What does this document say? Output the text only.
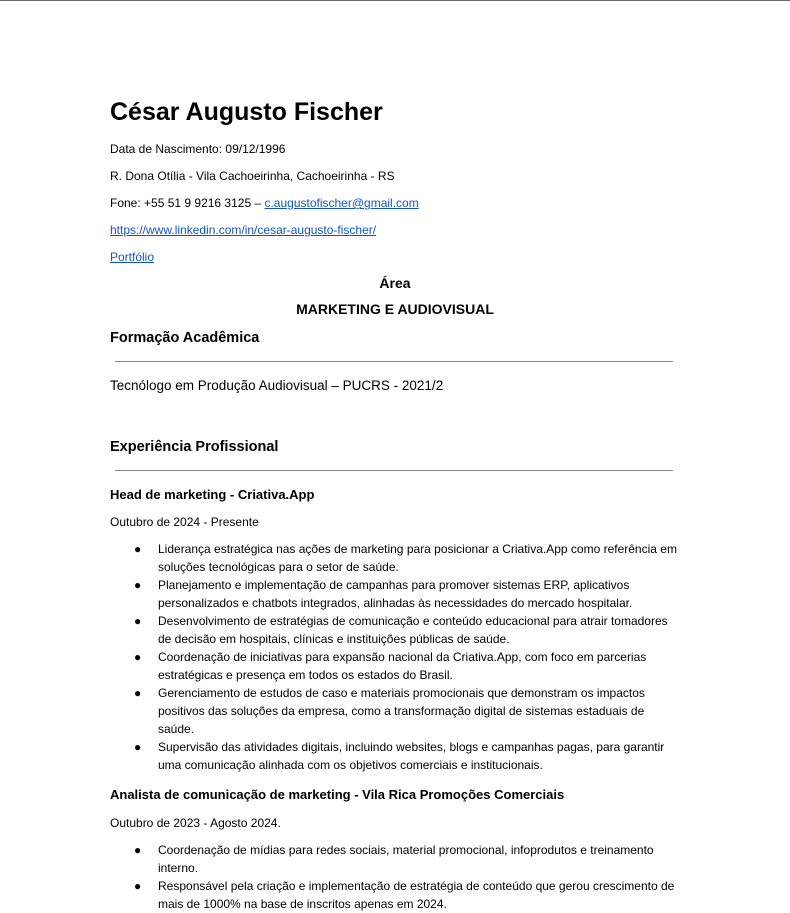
César Augusto Fischer
Data de Nascimento: 09/12/1996
R. Dona Otília - Vila Cachoeirinha, Cachoeirinha - RS
Fone: +55 51 9 9216 3125 – c.augustofischer@gmail.com
https://www.linkedin.com/in/cesar-augusto-fischer/
Portfólio
Área
MARKETING E AUDIOVISUAL
Formação Acadêmica
Tecnólogo em Produção Audiovisual – PUCRS - 2021/2
Experiência Profissional
Head de marketing - Criativa.App
Outubro de 2024 - Presente
● Liderança estratégica nas ações de marketing para posicionar a Criativa.App como referência em soluções tecnológicas para o setor de saúde.
● Planejamento e implementação de campanhas para promover sistemas ERP, aplicativos personalizados e chatbots integrados, alinhadas às necessidades do mercado hospitalar.
● Desenvolvimento de estratégias de comunicação e conteúdo educacional para atrair tomadores de decisão em hospitais, clínicas e instituições públicas de saúde.
● Coordenação de iniciativas para expansão nacional da Criativa.App, com foco em parcerias estratégicas e presença em todos os estados do Brasil.
● Gerenciamento de estudos de caso e materiais promocionais que demonstram os impactos positivos das soluções da empresa, como a transformação digital de sistemas estaduais de saúde.
● Supervisão das atividades digitais, incluindo websites, blogs e campanhas pagas, para garantir uma comunicação alinhada com os objetivos comerciais e institucionais.
Analista de comunicação de marketing - Vila Rica Promoções Comerciais
Outubro de 2023 - Agosto 2024.
● Coordenação de mídias para redes sociais, material promocional, infoprodutos e treinamento interno.
● Responsável pela criação e implementação de estratégia de conteúdo que gerou crescimento de mais de 1000% na base de inscritos apenas em 2024.
